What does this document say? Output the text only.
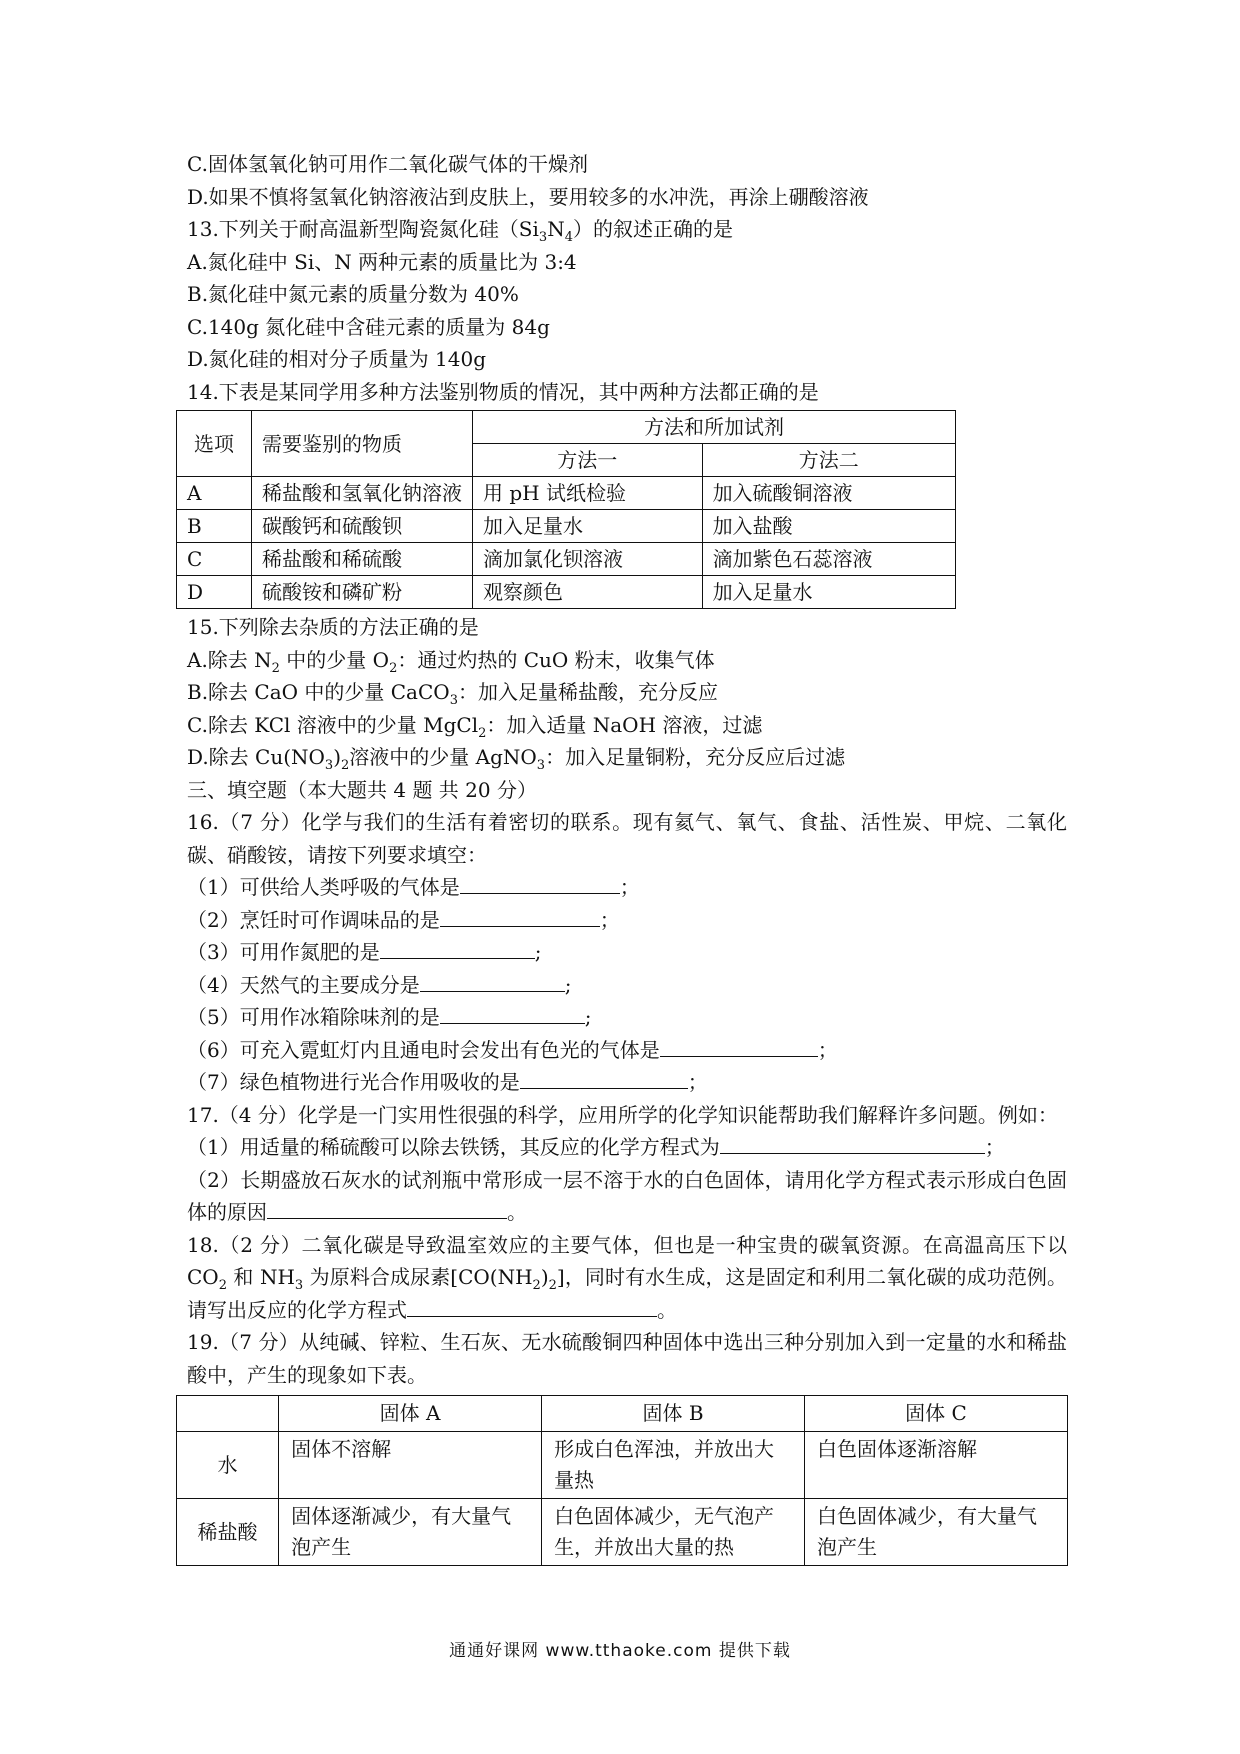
C.固体氢氧化钠可用作二氧化碳气体的干燥剂
D.如果不慎将氢氧化钠溶液沾到皮肤上，要用较多的水冲洗，再涂上硼酸溶液
13.下列关于耐高温新型陶瓷氮化硅$(Si_3N_4)$的叙述正确的是
A.氮化硅中 Si、N 两种元素的质量比为 3:4
B.氮化硅中氮元素的质量分数为 40%
C.140g 氮化硅中含硅元素的质量为 84g
D.氮化硅的相对分子质量为 140g
14.下表是某同学用多种方法鉴别物质的情况，其中两种方法都正确的是
选项	需要鉴别的物质	方法和所加试剂	
		方法一	方法二
A	稀盐酸和氢氧化钠溶液	用 pH 试纸检验	加入硫酸铜溶液
B	碳酸钙和硫酸钡	加入足量水	加入盐酸
C	稀盐酸和稀硫酸	滴加氯化钡溶液	滴加紫色石蕊溶液
D	硫酸铵和磷矿粉	观察颜色	加入足量水
15.下列除去杂质的方法正确的是
A.除去 $N_2$ 中的少量 $O_2$：通过灼热的 CuO 粉末，收集气体
B.除去 CaO 中的少量 CaCO$_3$：加入足量稀盐酸，充分反应
C.除去 KCl 溶液中的少量 MgCl$_2$：加入适量 NaOH 溶液，过滤
D.除去 $Cu(NO_3)_2$溶液中的少量 AgNO$_3$：加入足量铜粉，充分反应后过滤
三、填空题（本大题共 4 题 共 20 分）
16.（7 分）化学与我们的生活有着密切的联系。现有氦气、氧气、食盐、活性炭、甲烷、二氧化碳、硝酸铵，请按下列要求填空：
（1）可供给人类呼吸的气体是	；
（2）烹饪时可作调味品的是	；
（3）可用作氮肥的是	;
（4）天然气的主要成分是	;
（5）可用作冰箱除味剂的是	;
（6）可充入霓虹灯内且通电时会发出有色光的气体是	；
（7）绿色植物进行光合作用吸收的是	；
17.（4 分）化学是一门实用性很强的科学，应用所学的化学知识能帮助我们解释许多问题。例如：
（1）用适量的稀硫酸可以除去铁锈，其反应的化学方程式为	；
（2）长期盛放石灰水的试剂瓶中常形成一层不溶于水的白色固体，请用化学方程式表示形成白色固体的原因	。
18.（2 分）二氧化碳是导致温室效应的主要气体，但也是一种宝贵的碳氧资源。在高温高压下以 $CO_2$ 和 $NH_3$ 为原料合成尿素$[CO(NH_2)_2]$，同时有水生成，这是固定和利用二氧化碳的成功范例。请写出反应的化学方程式	。
19.（7 分）从纯碱、锌粒、生石灰、无水硫酸铜四种固体中选出三种分别加入到一定量的水和稀盐酸中，产生的现象如下表。
	固体 A	固体 B	固体 C
水	固体不溶解	形成白色浑浊，并放出大量热	白色固体逐渐溶解
稀盐酸	固体逐渐减少，有大量气泡产生	白色固体减少，无气泡产生，并放出大量的热	白色固体减少，有大量气泡产生
通通好课网 www.tthaoke.com 提供下载
